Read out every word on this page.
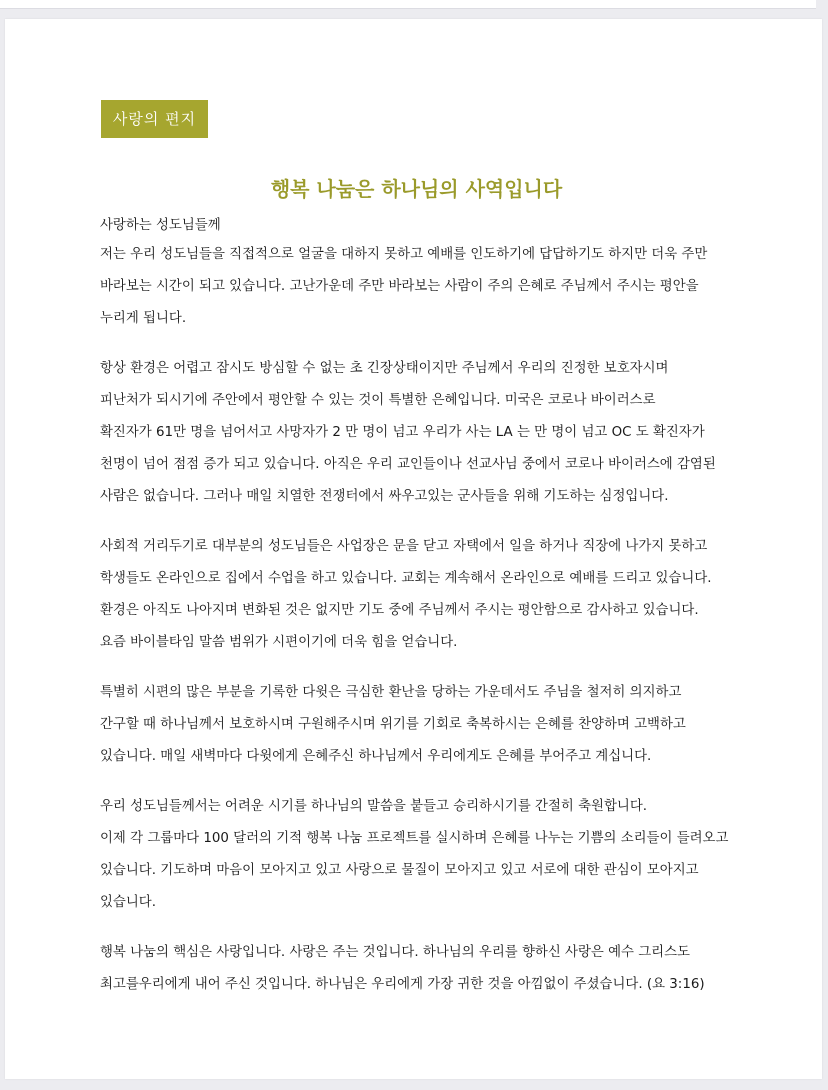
사랑의 편지
행복 나눔은 하나님의 사역입니다

사랑하는 성도님들께

저는 우리 성도님들을 직접적으로 얼굴을 대하지 못하고 예배를 인도하기에 답답하기도 하지만 더욱 주만
바라보는 시간이 되고 있습니다. 고난가운데 주만 바라보는 사람이 주의 은혜로 주님께서 주시는 평안을
누리게 됩니다.

항상 환경은 어렵고 잠시도 방심할 수 없는 초 긴장상태이지만 주님께서 우리의 진정한 보호자시며
피난처가 되시기에 주안에서 평안할 수 있는 것이 특별한 은혜입니다. 미국은 코로나 바이러스로
확진자가 61만 명을 넘어서고 사망자가 2 만 명이 넘고 우리가 사는 LA 는 만 명이 넘고 OC 도 확진자가
천명이 넘어 점점 증가 되고 있습니다. 아직은 우리 교인들이나 선교사님 중에서 코로나 바이러스에 감염된
사람은 없습니다. 그러나 매일 치열한 전쟁터에서 싸우고있는 군사들을 위해 기도하는 심정입니다.

사회적 거리두기로 대부분의 성도님들은 사업장은 문을 닫고 자택에서 일을 하거나 직장에 나가지 못하고
학생들도 온라인으로 집에서 수업을 하고 있습니다. 교회는 계속해서 온라인으로 예배를 드리고 있습니다.
환경은 아직도 나아지며 변화된 것은 없지만 기도 중에 주님께서 주시는 평안함으로 감사하고 있습니다.
요즘 바이블타임 말씀 범위가 시편이기에 더욱 힘을 얻습니다.

특별히 시편의 많은 부분을 기록한 다윗은 극심한 환난을 당하는 가운데서도 주님을 철저히 의지하고
간구할 때 하나님께서 보호하시며 구원해주시며 위기를 기회로 축복하시는 은혜를 찬양하며 고백하고
있습니다. 매일 새벽마다 다윗에게 은혜주신 하나님께서 우리에게도 은혜를 부어주고 계십니다.

우리 성도님들께서는 어려운 시기를 하나님의 말씀을 붙들고 승리하시기를 간절히 축원합니다.
이제 각 그룹마다 100 달러의 기적 행복 나눔 프로젝트를 실시하며 은혜를 나누는 기쁨의 소리들이 들려오고
있습니다. 기도하며 마음이 모아지고 있고 사랑으로 물질이 모아지고 있고 서로에 대한 관심이 모아지고
있습니다.

행복 나눔의 핵심은 사랑입니다. 사랑은 주는 것입니다. 하나님의 우리를 향하신 사랑은 예수 그리스도
최고를우리에게 내어 주신 것입니다. 하나님은 우리에게 가장 귀한 것을 아낌없이 주셨습니다. (요 3:16)
